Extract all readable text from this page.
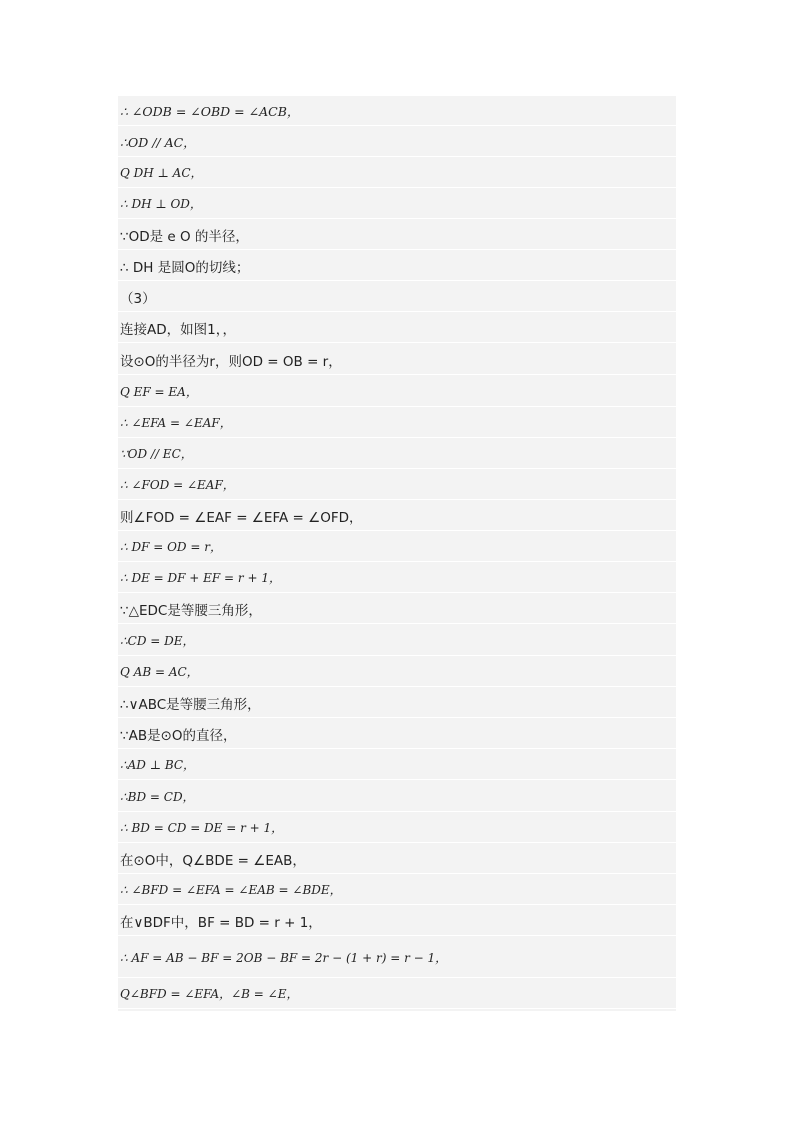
∴ ∠ODB = ∠OBD = ∠ACB，
∴OD // AC，
Q DH ⊥ AC，
∴ DH ⊥ OD，
∵OD是 e O 的半径，
∴ DH 是圆O的切线；
（3）
连接AD，如图1，，
设⊙O的半径为r，则OD = OB = r，
Q EF = EA，
∴ ∠EFA = ∠EAF，
∵OD // EC，
∴ ∠FOD = ∠EAF，
则∠FOD = ∠EAF = ∠EFA = ∠OFD，
∴ DF = OD = r，
∴ DE = DF + EF = r + 1，
∵△EDC是等腰三角形，
∴CD = DE，
Q AB = AC，
∴∨ABC是等腰三角形，
∵AB是⊙O的直径，
∴AD ⊥ BC，
∴BD = CD，
∴ BD = CD = DE = r + 1，
在⊙O中，Q∠BDE = ∠EAB，
∴ ∠BFD = ∠EFA = ∠EAB = ∠BDE，
在∨BDF中，BF = BD = r + 1，
∴ AF = AB − BF = 2OB − BF = 2r − (1 + r) = r − 1，
Q∠BFD = ∠EFA，∠B = ∠E，
